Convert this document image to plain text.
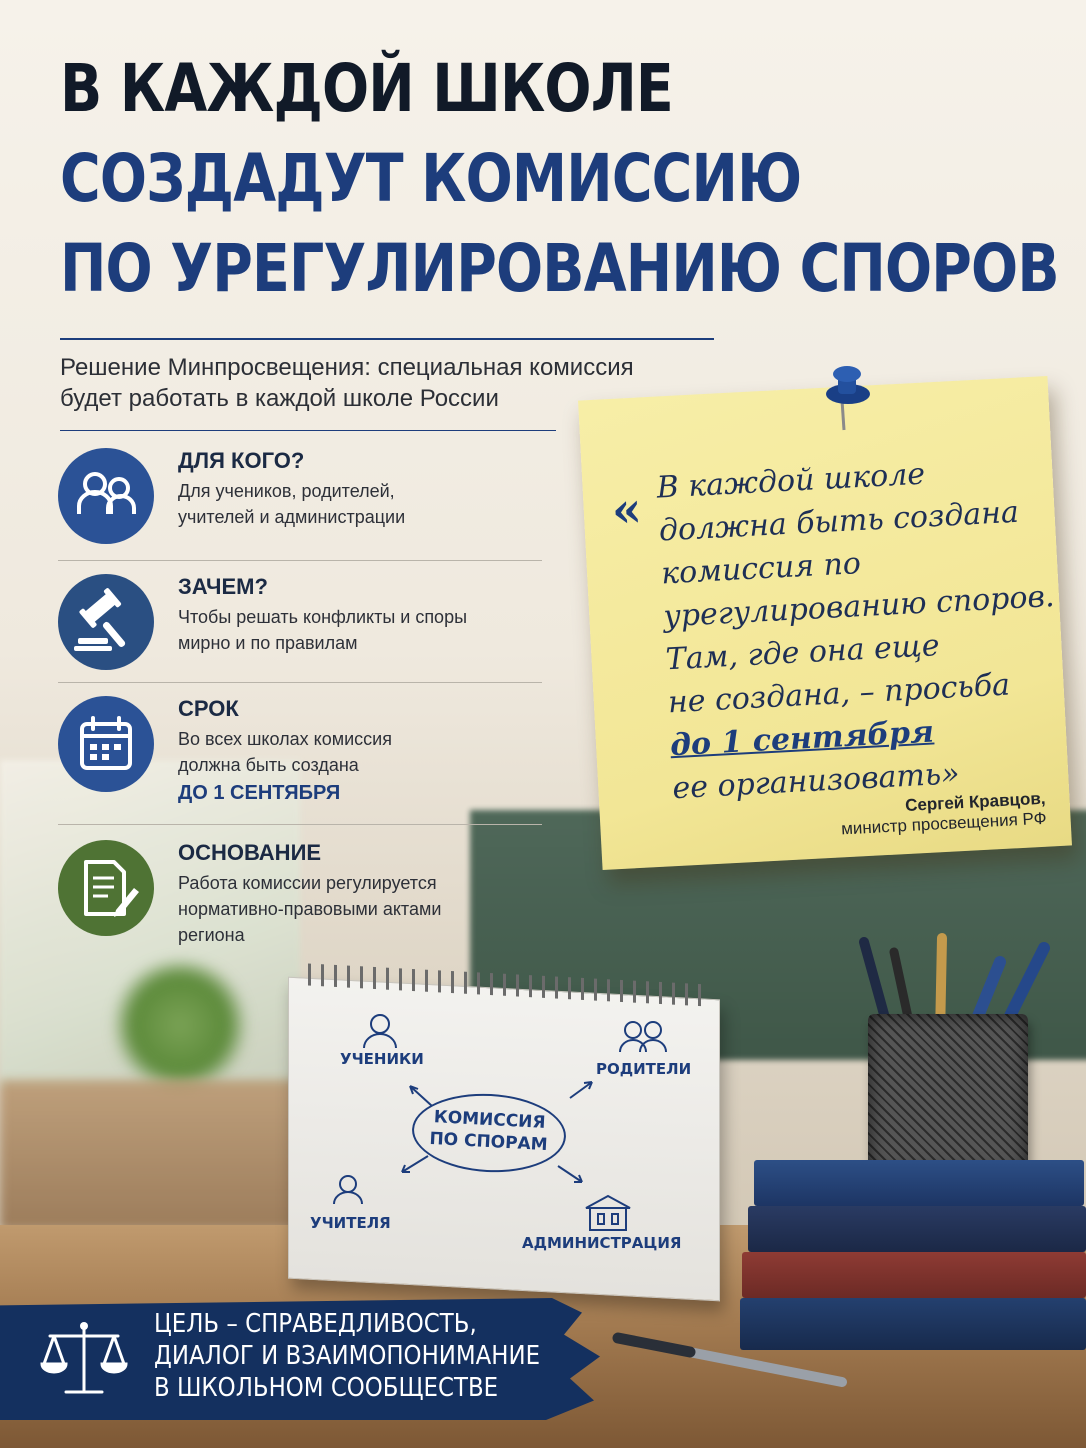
В КАЖДОЙ ШКОЛЕ
СОЗДАДУТ КОМИССИЮ
ПО УРЕГУЛИРОВАНИЮ СПОРОВ
Решение Минпросвещения: специальная комиссия
будет работать в каждой школе России
ДЛЯ КОГО?

Для учеников, родителей,
учителей и администрации

ЗАЧЕМ?

Чтобы решать конфликты и споры
мирно и по правилам

СРОК

Во всех школах комиссия
должна быть создана

ДО 1 СЕНТЯБРЯ
ОСНОВАНИЕ

Работа комиссии регулируется
нормативно-правовыми актами
региона

«
В каждой школе
должна быть создана
комиссия по
урегулированию споров.
Там, где она еще
не создана, – просьба
до 1 сентября
ее организовать»
Сергей Кравцов,
министр просвещения РФ
КОМИССИЯ
ПО СПОРАМ
УЧЕНИКИ
РОДИТЕЛИ
УЧИТЕЛЯ
АДМИНИСТРАЦИЯ
ЦЕЛЬ – СПРАВЕДЛИВОСТЬ,
ДИАЛОГ И ВЗАИМОПОНИМАНИЕ
В ШКОЛЬНОМ СООБЩЕСТВЕ
